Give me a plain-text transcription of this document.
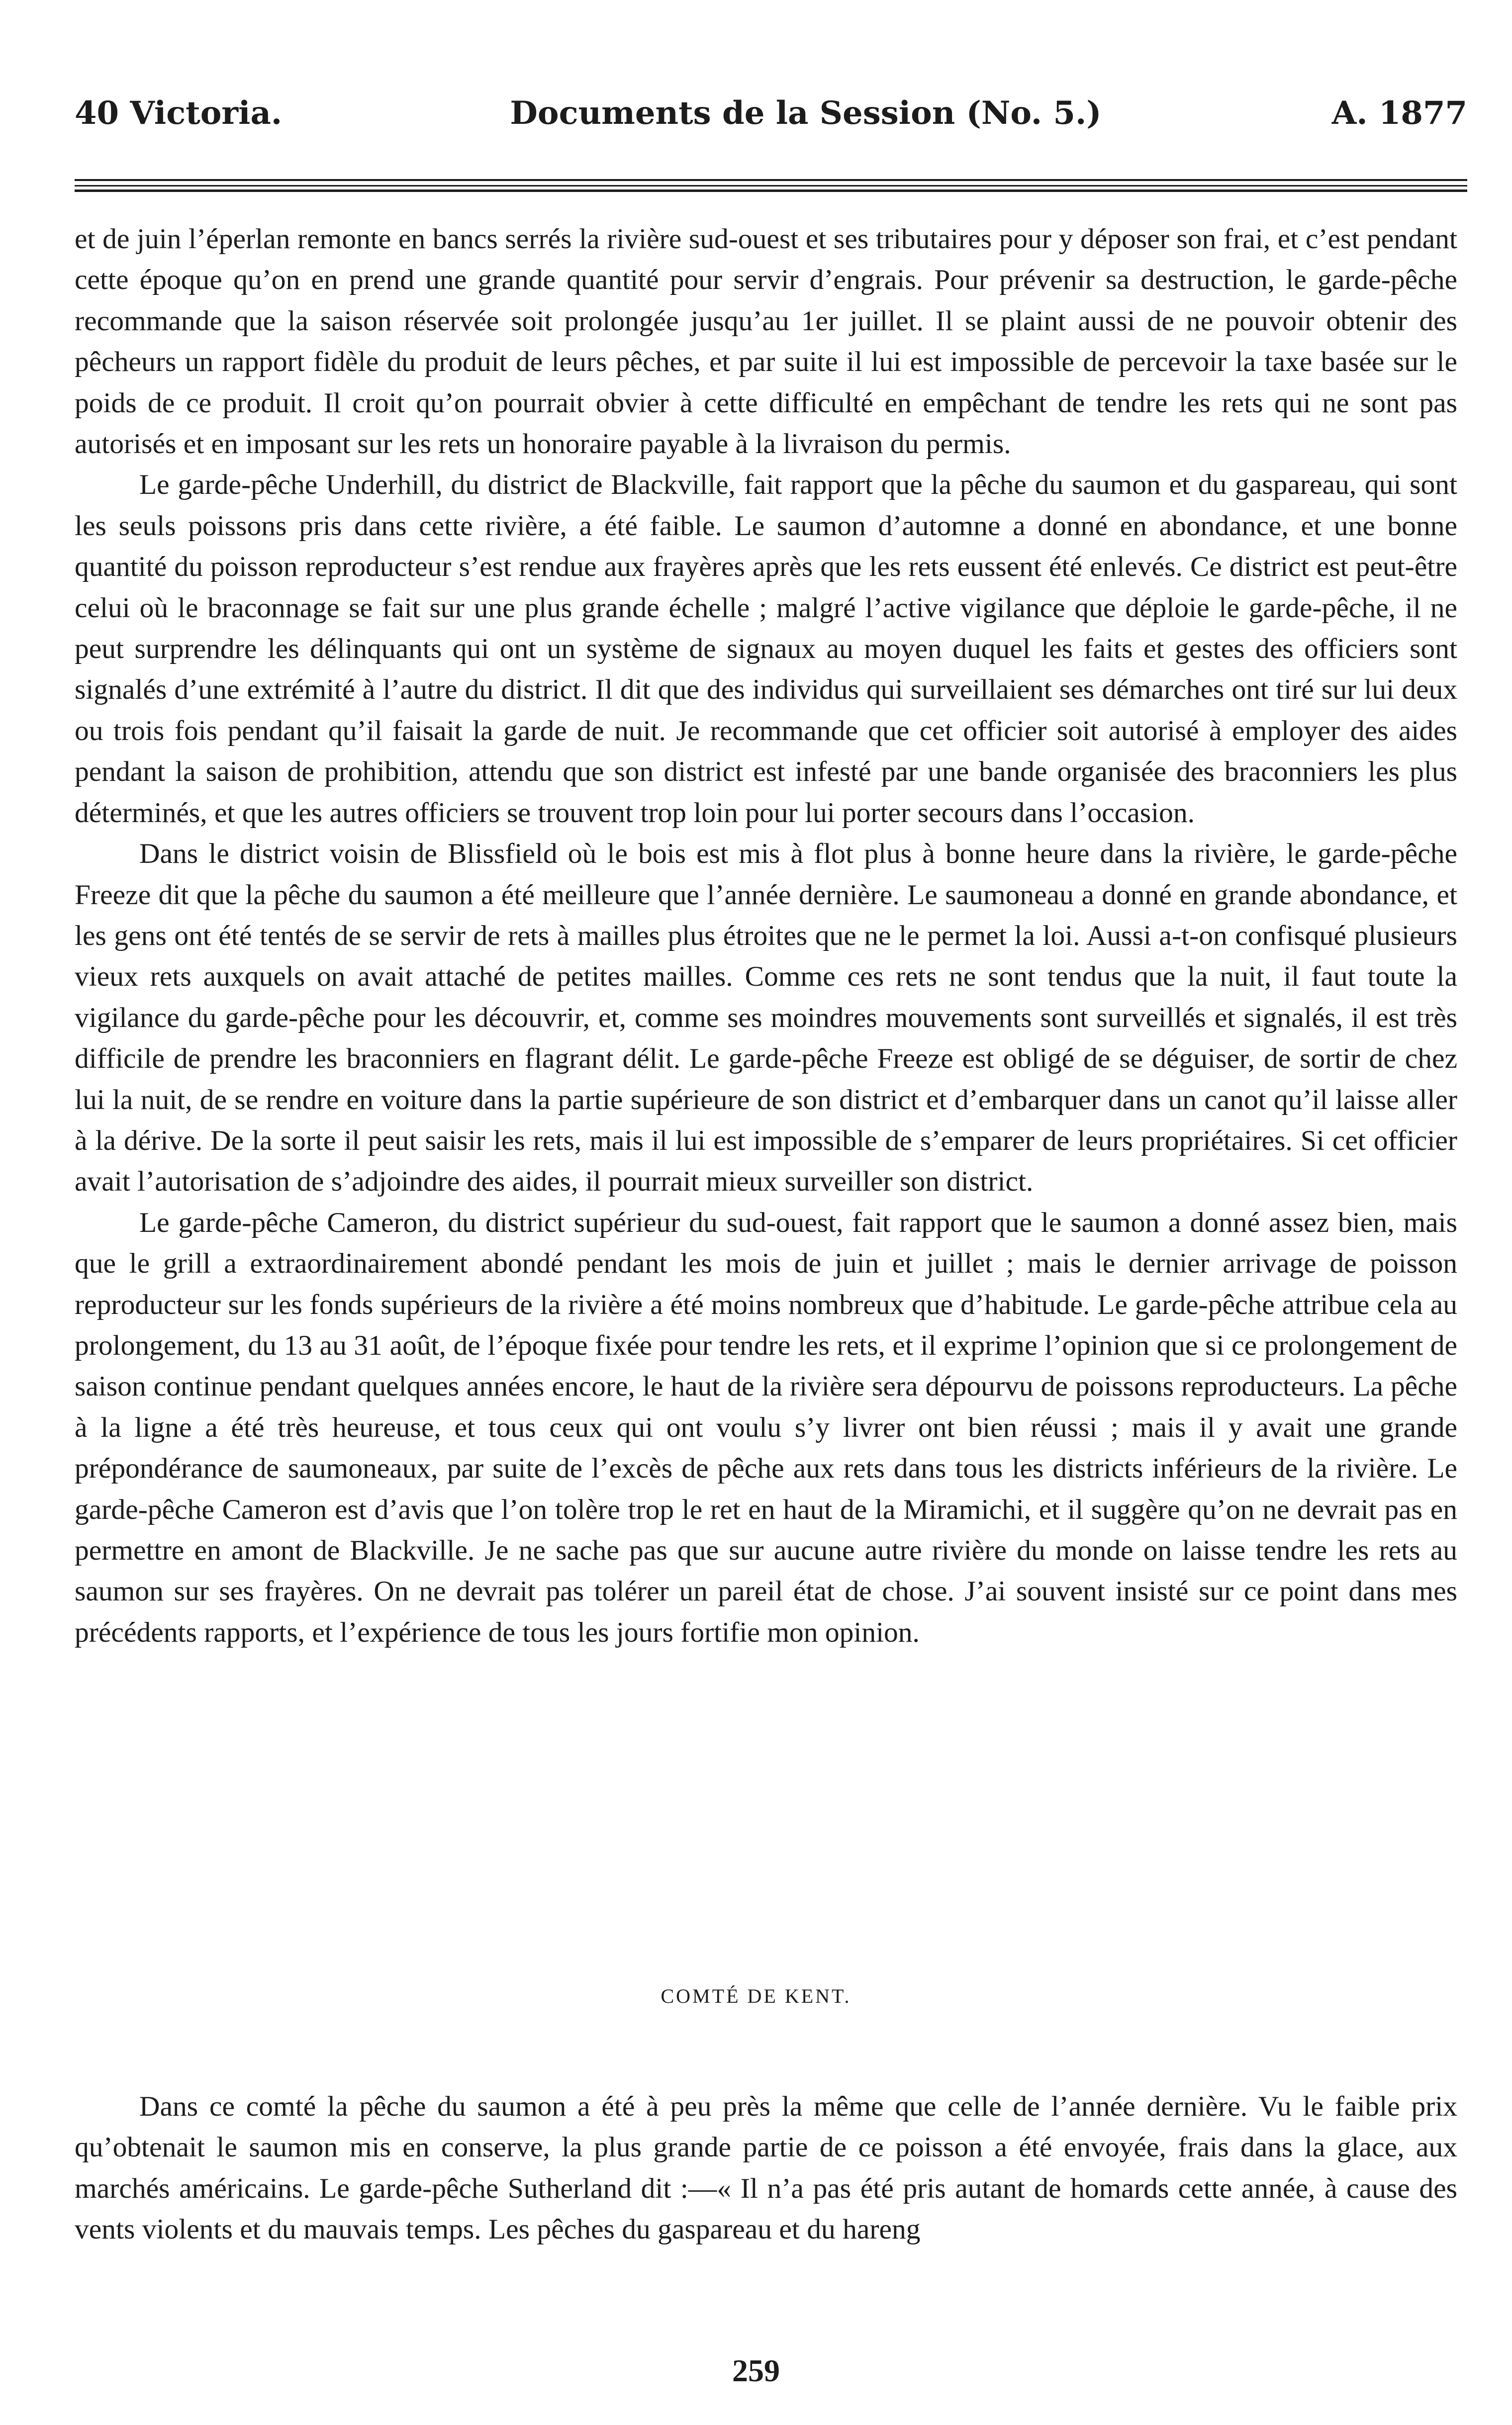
40 Victoria.	Documents de la Session (No. 5.)	A. 1877

et de juin l’éperlan remonte en bancs serrés la rivière sud-ouest et ses tributaires pour y déposer son frai, et c’est pendant cette époque qu’on en prend une grande quantité pour servir d’engrais. Pour prévenir sa destruction, le garde-pêche recommande que la saison réservée soit prolongée jusqu’au 1er juillet. Il se plaint aussi de ne pouvoir obtenir des pêcheurs un rapport fidèle du produit de leurs pêches, et par suite il lui est impossible de percevoir la taxe basée sur le poids de ce produit. Il croit qu’on pourrait obvier à cette difficulté en empêchant de tendre les rets qui ne sont pas autorisés et en imposant sur les rets un honoraire payable à la livraison du permis.

Le garde-pêche Underhill, du district de Blackville, fait rapport que la pêche du saumon et du gaspareau, qui sont les seuls poissons pris dans cette rivière, a été faible. Le saumon d’automne a donné en abondance, et une bonne quantité du poisson reproducteur s’est rendue aux frayères après que les rets eussent été enlevés. Ce district est peut-être celui où le braconnage se fait sur une plus grande échelle ; malgré l’active vigilance que déploie le garde-pêche, il ne peut surprendre les délinquants qui ont un système de signaux au moyen duquel les faits et gestes des officiers sont signalés d’une extrémité à l’autre du district. Il dit que des individus qui surveillaient ses démarches ont tiré sur lui deux ou trois fois pendant qu’il faisait la garde de nuit. Je recommande que cet officier soit autorisé à employer des aides pendant la saison de prohibition, attendu que son district est infesté par une bande organisée des braconniers les plus déterminés, et que les autres officiers se trouvent trop loin pour lui porter secours dans l’occasion.

Dans le district voisin de Blissfield où le bois est mis à flot plus à bonne heure dans la rivière, le garde-pêche Freeze dit que la pêche du saumon a été meilleure que l’année dernière. Le saumoneau a donné en grande abondance, et les gens ont été tentés de se servir de rets à mailles plus étroites que ne le permet la loi. Aussi a-t-on confisqué plusieurs vieux rets auxquels on avait attaché de petites mailles. Comme ces rets ne sont tendus que la nuit, il faut toute la vigilance du garde-pêche pour les découvrir, et, comme ses moindres mouvements sont surveillés et signalés, il est très difficile de prendre les braconniers en flagrant délit. Le garde-pêche Freeze est obligé de se déguiser, de sortir de chez lui la nuit, de se rendre en voiture dans la partie supérieure de son district et d’embarquer dans un canot qu’il laisse aller à la dérive. De la sorte il peut saisir les rets, mais il lui est impossible de s’emparer de leurs propriétaires. Si cet officier avait l’autorisation de s’adjoindre des aides, il pourrait mieux surveiller son district.

Le garde-pêche Cameron, du district supérieur du sud-ouest, fait rapport que le saumon a donné assez bien, mais que le grill a extraordinairement abondé pendant les mois de juin et juillet ; mais le dernier arrivage de poisson reproducteur sur les fonds supérieurs de la rivière a été moins nombreux que d’habitude. Le garde-pêche attribue cela au prolongement, du 13 au 31 août, de l’époque fixée pour tendre les rets, et il exprime l’opinion que si ce prolongement de saison continue pendant quelques années encore, le haut de la rivière sera dépourvu de poissons reproducteurs. La pêche à la ligne a été très heureuse, et tous ceux qui ont voulu s’y livrer ont bien réussi ; mais il y avait une grande prépondérance de saumoneaux, par suite de l’excès de pêche aux rets dans tous les districts inférieurs de la rivière. Le garde-pêche Cameron est d’avis que l’on tolère trop le ret en haut de la Miramichi, et il suggère qu’on ne devrait pas en permettre en amont de Blackville. Je ne sache pas que sur aucune autre rivière du monde on laisse tendre les rets au saumon sur ses frayères. On ne devrait pas tolérer un pareil état de chose. J’ai souvent insisté sur ce point dans mes précédents rapports, et l’expérience de tous les jours fortifie mon opinion.

COMTÉ DE KENT.

Dans ce comté la pêche du saumon a été à peu près la même que celle de l’année dernière. Vu le faible prix qu’obtenait le saumon mis en conserve, la plus grande partie de ce poisson a été envoyée, frais dans la glace, aux marchés américains. Le garde-pêche Sutherland dit :—« Il n’a pas été pris autant de homards cette année, à cause des vents violents et du mauvais temps. Les pêches du gaspareau et du hareng

259
